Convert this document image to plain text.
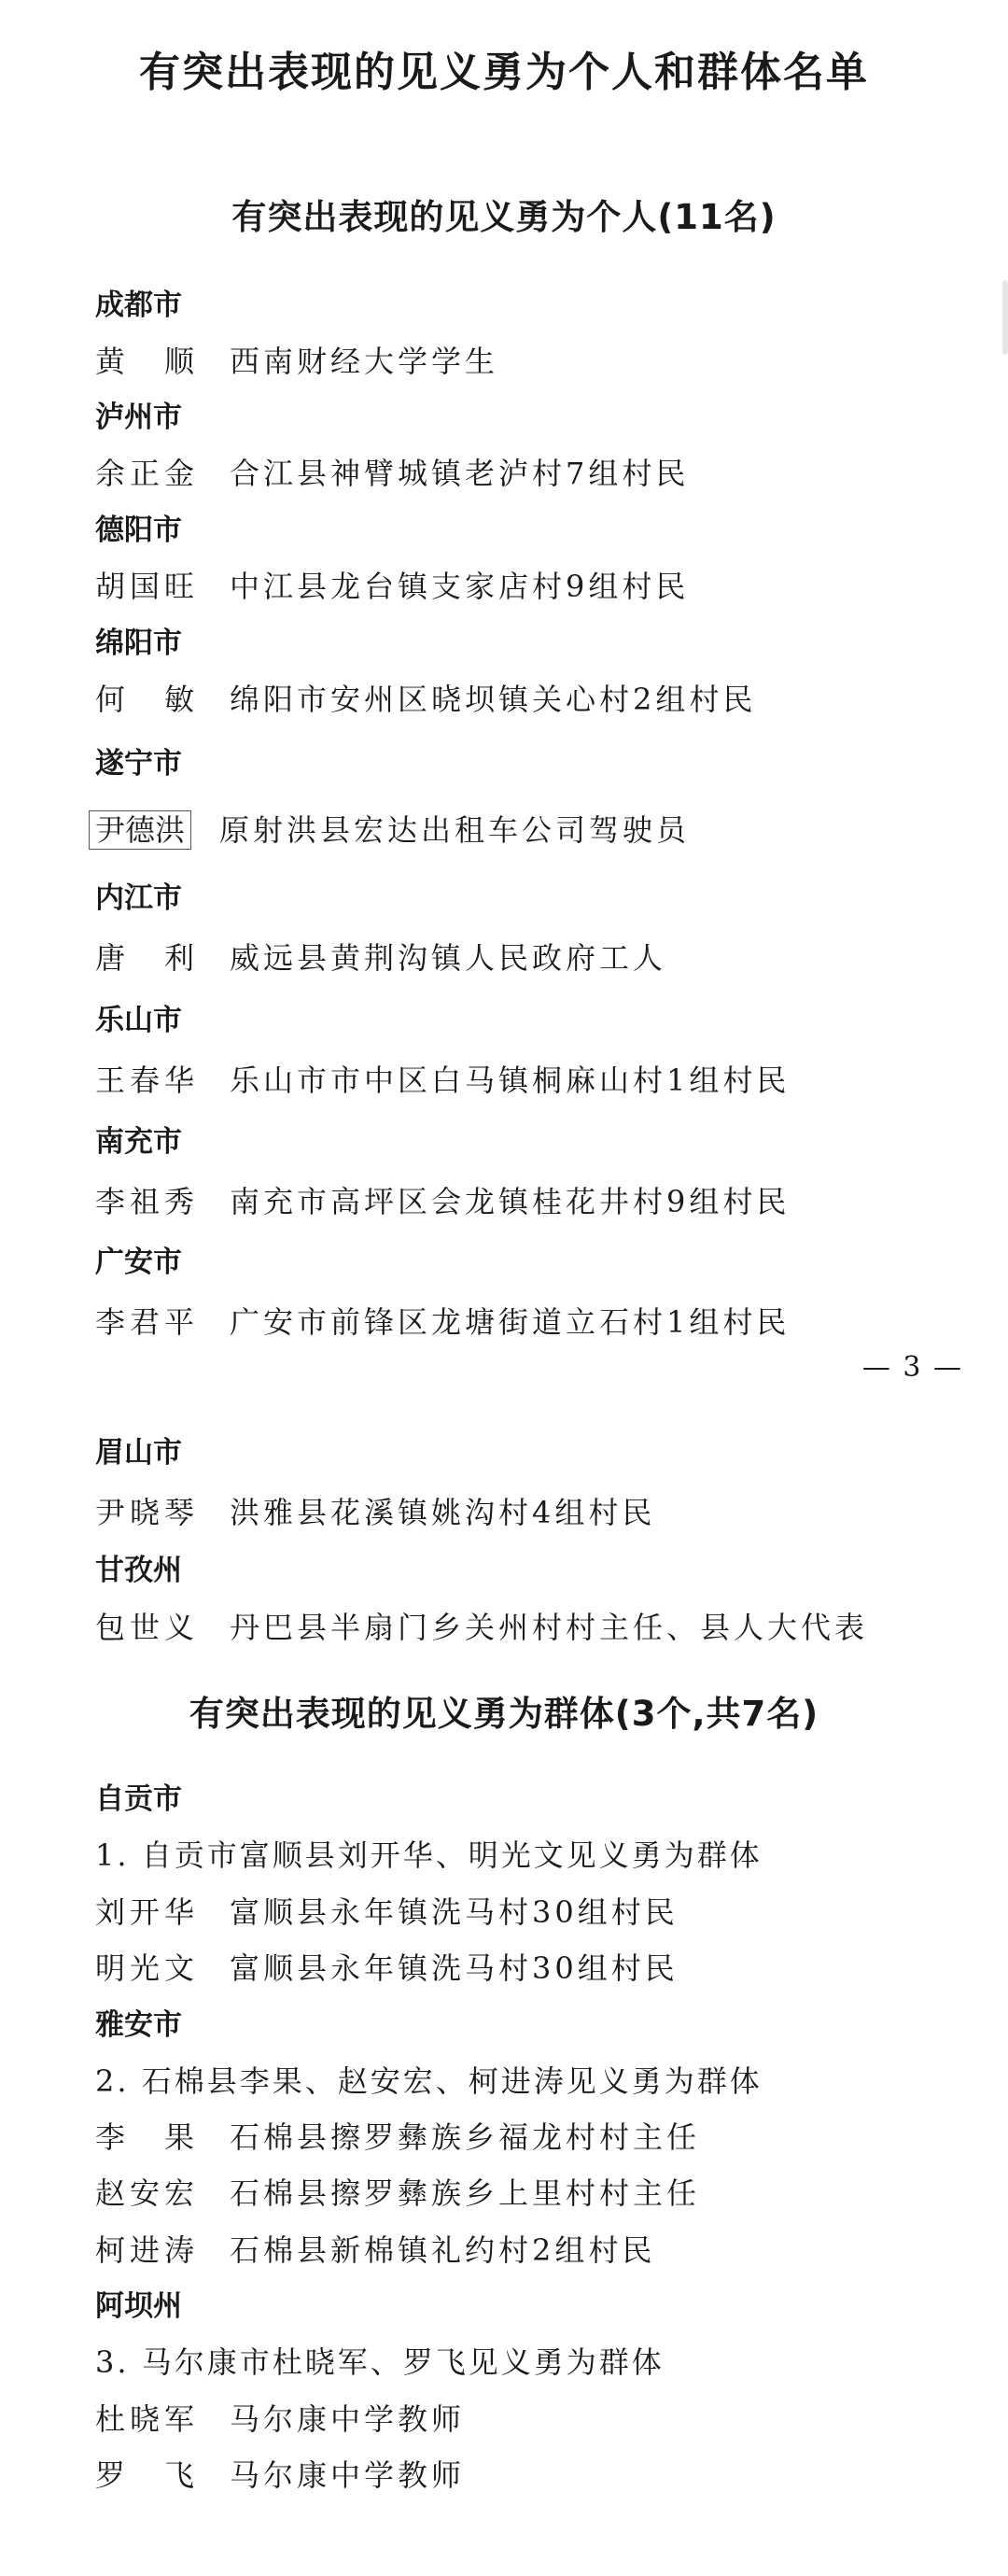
有突出表现的见义勇为个人和群体名单
有突出表现的见义勇为个人(11名)
成都市
黄　顺 西南财经大学学生
泸州市
余正金 合江县神臂城镇老泸村7组村民
德阳市
胡国旺 中江县龙台镇支家店村9组村民
绵阳市
何　敏 绵阳市安州区晓坝镇关心村2组村民
遂宁市
尹德洪 原射洪县宏达出租车公司驾驶员
内江市
唐　利 威远县黄荆沟镇人民政府工人
乐山市
王春华 乐山市市中区白马镇桐麻山村1组村民
南充市
李祖秀 南充市高坪区会龙镇桂花井村9组村民
广安市
李君平 广安市前锋区龙塘街道立石村1组村民
— 3 —
眉山市
尹晓琴 洪雅县花溪镇姚沟村4组村民
甘孜州
包世义 丹巴县半扇门乡关州村村主任、县人大代表
有突出表现的见义勇为群体(3个,共7名)
自贡市
1. 自贡市富顺县刘开华、明光文见义勇为群体
刘开华 富顺县永年镇洗马村30组村民
明光文 富顺县永年镇洗马村30组村民
雅安市
2. 石棉县李果、赵安宏、柯进涛见义勇为群体
李　果 石棉县擦罗彝族乡福龙村村主任
赵安宏 石棉县擦罗彝族乡上里村村主任
柯进涛 石棉县新棉镇礼约村2组村民
阿坝州
3. 马尔康市杜晓军、罗飞见义勇为群体
杜晓军 马尔康中学教师
罗　飞 马尔康中学教师
